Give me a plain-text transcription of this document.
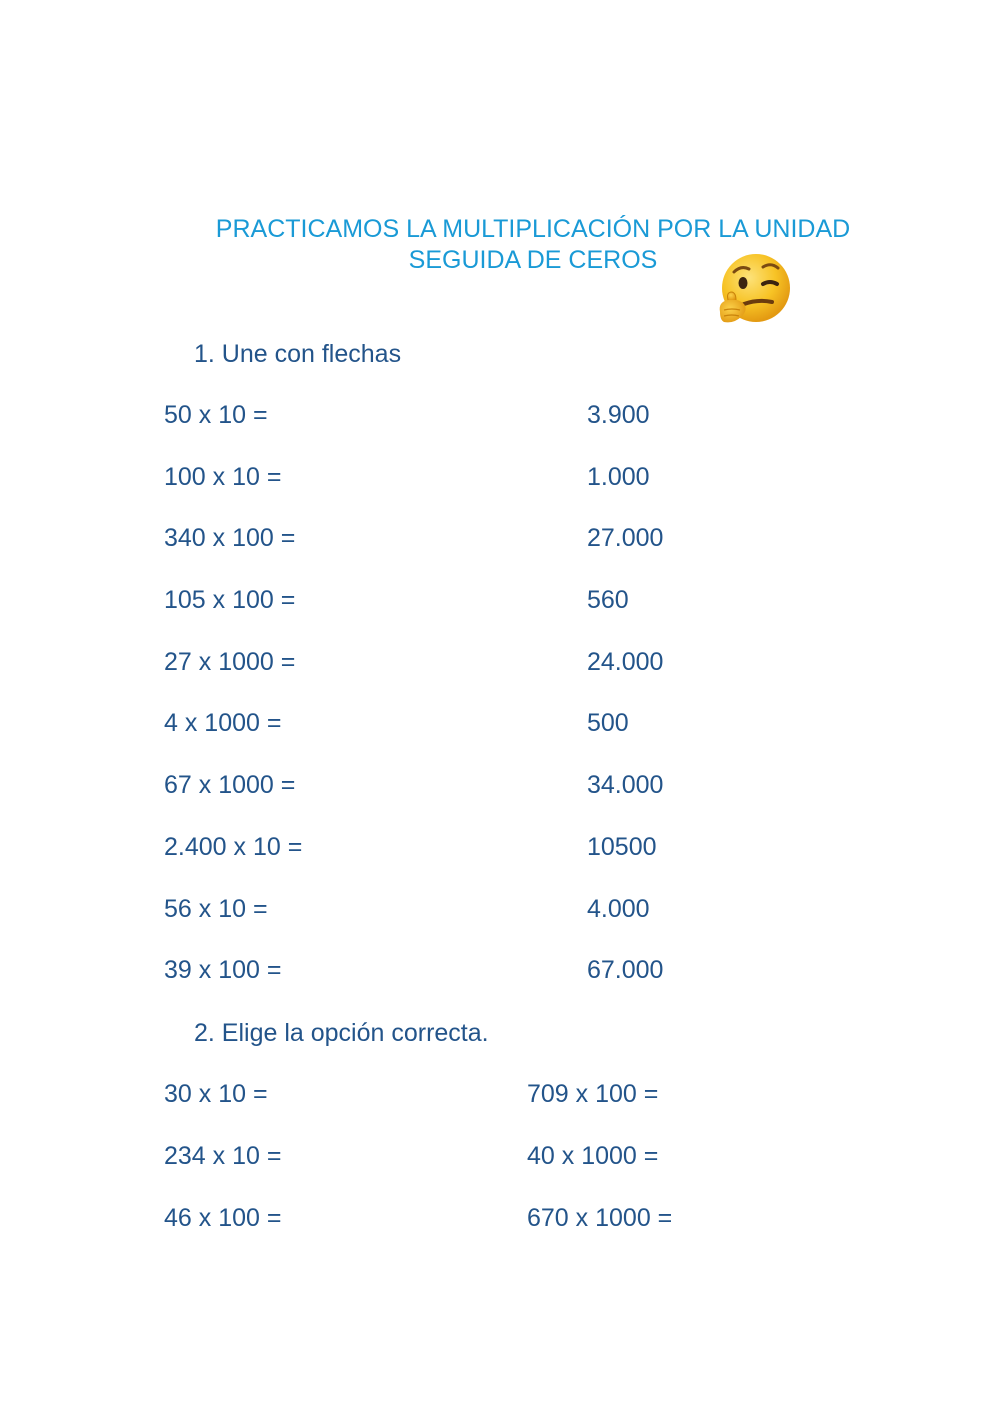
PRACTICAMOS LA MULTIPLICACIÓN POR LA UNIDAD
SEGUIDA DE CEROS
1. Une con flechas
50 x 10 =
100 x 10 =
340 x 100 =
105 x 100 =
27 x 1000 =
4 x 1000 =
67 x 1000 =
2.400 x 10 =
56 x 10 =
39 x 100 =
3.900
1.000
27.000
560
24.000
500
34.000
10500
4.000
67.000
2. Elige la opción correcta.
30 x 10 =
234 x 10 =
46 x 100 =
709 x 100 =
40 x 1000 =
670 x 1000 =
